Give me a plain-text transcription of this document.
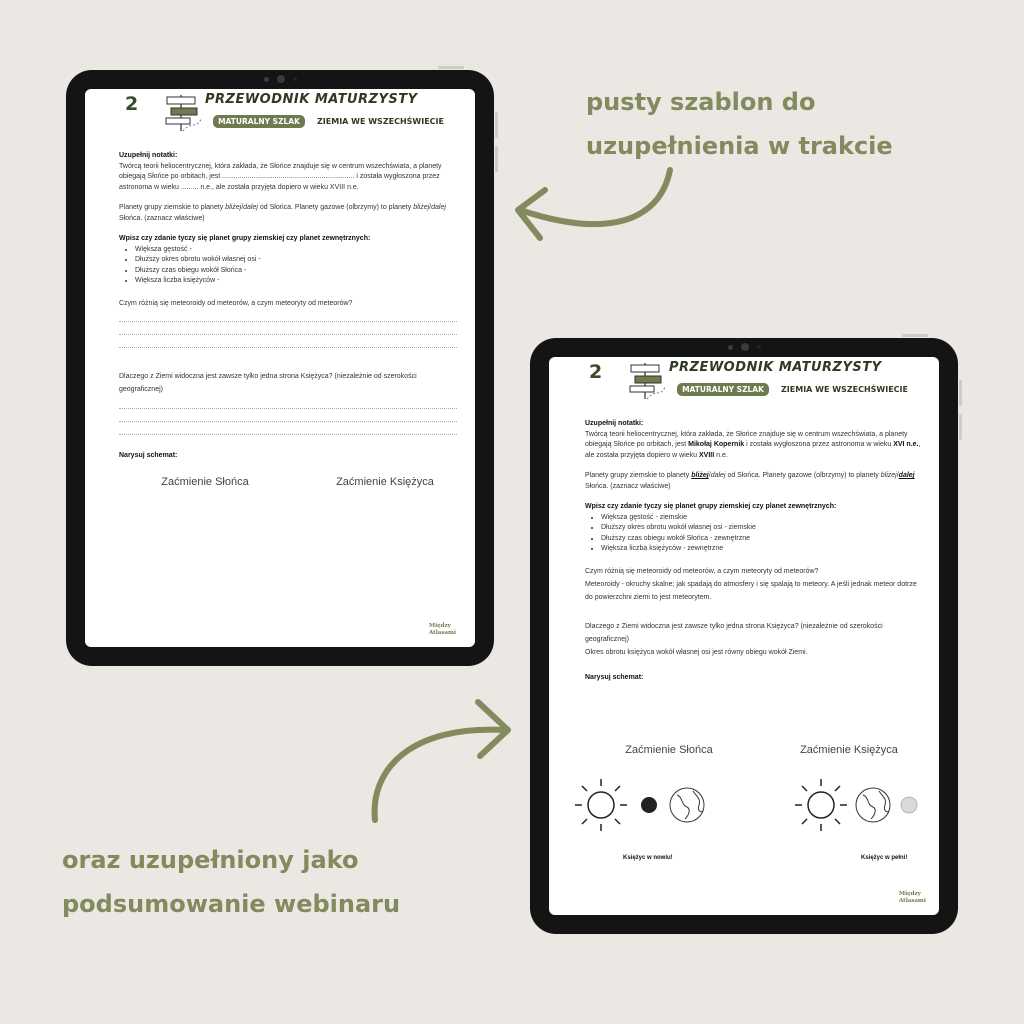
pusty szablon do
uzupełnienia w trakcie
oraz uzupełniony jako
podsumowanie webinaru
2	PRZEWODNIK MATURZYSTY
MATURALNY SZLAK	ZIEMIA WE WSZECHŚWIECIE

Uzupełnij notatki:

Twórcą teorii heliocentrycznej, która zakłada, że Słońce znajduje się w centrum wszechświata, a planety obiegają Słońce po orbitach, jest .................................................................... i została wygłoszona przez astronoma w wieku ......... n.e., ale została przyjęta dopiero w wieku XVIII n.e.

Planety grupy ziemskie to planety bliżej/dalej od Słońca. Planety gazowe (olbrzymy) to planety bliżej/dalej Słońca. (zaznacz właściwe)

Wpisz czy zdanie tyczy się planet grupy ziemskiej czy planet zewnętrznych:

• Większa gęstość -
• Dłuższy okres obrotu wokół własnej osi -
• Dłuższy czas obiegu wokół Słońca -
• Większa liczba księżyców -

Czym różnią się meteoroidy od meteorów, a czym meteoryty od meteorów?

Dlaczego z Ziemi widoczna jest zawsze tylko jedna strona Księżyca? (niezależnie od szerokości geograficznej)

Narysuj schemat:

Zaćmienie Słońca	Zaćmienie Księżyca
Między
Atlasami
2	PRZEWODNIK MATURZYSTY
MATURALNY SZLAK	ZIEMIA WE WSZECHŚWIECIE

Uzupełnij notatki:

Twórcą teorii heliocentrycznej, która zakłada, że Słońce znajduje się w centrum wszechświata, a planety obiegają Słońce po orbitach, jest Mikołaj Kopernik i została wygłoszona przez astronoma w wieku XVI n.e., ale została przyjęta dopiero w wieku XVIII n.e.

Planety grupy ziemskie to planety bliżej/dalej od Słońca. Planety gazowe (olbrzymy) to planety bliżej/dalej Słońca. (zaznacz właściwe)

Wpisz czy zdanie tyczy się planet grupy ziemskiej czy planet zewnętrznych:

• Większa gęstość - ziemskie
• Dłuższy okres obrotu wokół własnej osi - ziemskie
• Dłuższy czas obiegu wokół Słońca - zewnętrzne
• Większa liczba księżyców - zewnętrzne

Czym różnią się meteoroidy od meteorów, a czym meteoryty od meteorów?

Meteoroidy - okruchy skalne; jak spadają do atmosfery i się spalają to meteory. A jeśli jednak meteor dotrze do powierzchni ziemi to jest meteorytem.

Dlaczego z Ziemi widoczna jest zawsze tylko jedna strona Księżyca? (niezależnie od szerokości geograficznej)

Okres obrotu księżyca wokół własnej osi jest równy obiegu wokół Ziemi.

Narysuj schemat:

Zaćmienie Słońca	Zaćmienie Księżyca
Księżyc w nowiu!	Księżyc w pełni!
Między
Atlasami
